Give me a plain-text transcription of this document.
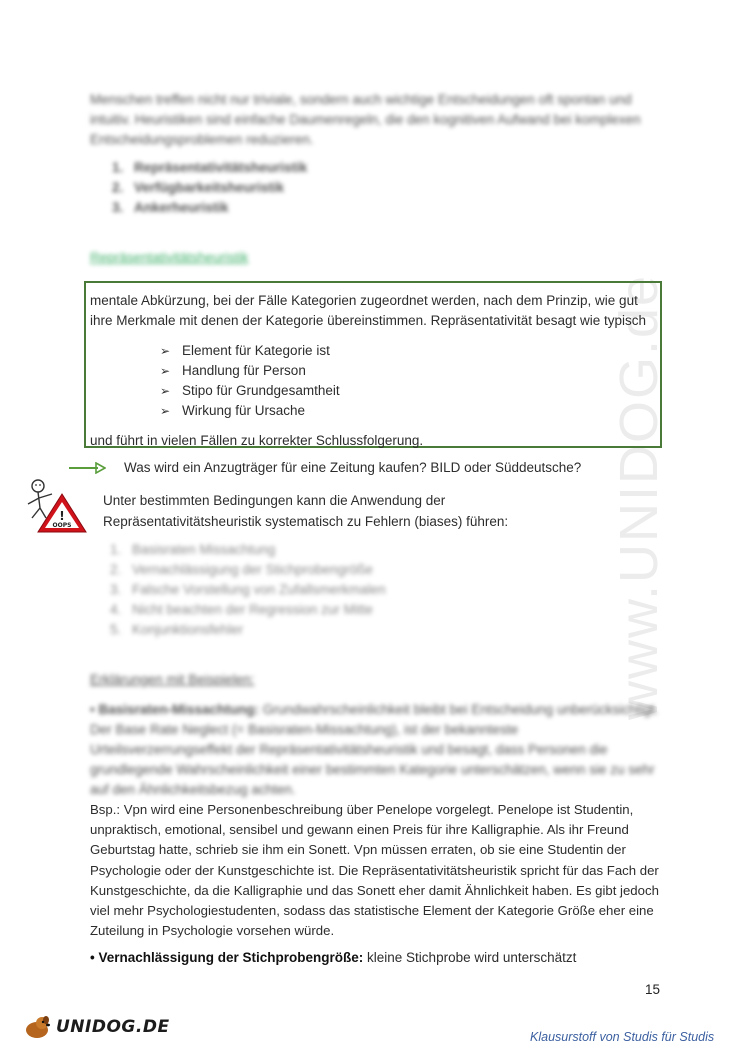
www.UNIDOG.de

Menschen treffen nicht nur triviale, sondern auch wichtige Entscheidungen oft spontan und intuitiv. Heuristiken sind einfache Daumenregeln, die den kognitiven Aufwand bei komplexen Entscheidungsproblemen reduzieren.

1. Repräsentativitätsheuristik
2. Verfügbarkeitsheuristik
3. Ankerheuristik
Repräsentativitätsheuristik

mentale Abkürzung, bei der Fälle Kategorien zugeordnet werden, nach dem Prinzip, wie gut ihre Merkmale mit denen der Kategorie übereinstimmen. Repräsentativität besagt wie typisch

➢ Element für Kategorie ist
➢ Handlung für Person
➢ Stipo für Grundgesamtheit
➢ Wirkung für Ursache

und führt in vielen Fällen zu korrekter Schlussfolgerung.

Was wird ein Anzugträger für eine Zeitung kaufen? BILD oder Süddeutsche?
!
OOPS

Unter bestimmten Bedingungen kann die Anwendung der Repräsentativitätsheuristik systematisch zu Fehlern (biases) führen:

1. Basisraten Missachtung
2. Vernachlässigung der Stichprobengröße
3. Falsche Vorstellung von Zufallsmerkmalen
4. Nicht beachten der Regression zur Mitte
5. Konjunktionsfehler
Erklärungen mit Beispielen:

• Basisraten-Missachtung: Grundwahrscheinlichkeit bleibt bei Entscheidung unberücksichtigt. Der Base Rate Neglect (= Basisraten-Missachtung), ist der bekannteste Urteilsverzerrungseffekt der Repräsentativitätsheuristik und besagt, dass Personen die grundlegende Wahrscheinlichkeit einer bestimmten Kategorie unterschätzen, wenn sie zu sehr auf den Ähnlichkeitsbezug achten.

Bsp.: Vpn wird eine Personenbeschreibung über Penelope vorgelegt. Penelope ist Studentin, unpraktisch, emotional, sensibel und gewann einen Preis für ihre Kalligraphie. Als ihr Freund Geburtstag hatte, schrieb sie ihm ein Sonett. Vpn müssen erraten, ob sie eine Studentin der Psychologie oder der Kunstgeschichte ist. Die Repräsentativitätsheuristik spricht für das Fach der Kunstgeschichte, da die Kalligraphie und das Sonett eher damit Ähnlichkeit haben. Es gibt jedoch viel mehr Psychologiestudenten, sodass das statistische Element der Kategorie Größe eher eine Zuteilung in Psychologie vorsehen würde.

• Vernachlässigung der Stichprobengröße: kleine Stichprobe wird unterschätzt

15
UNIDOG.DE	Klausurstoff von Studis für Studis
